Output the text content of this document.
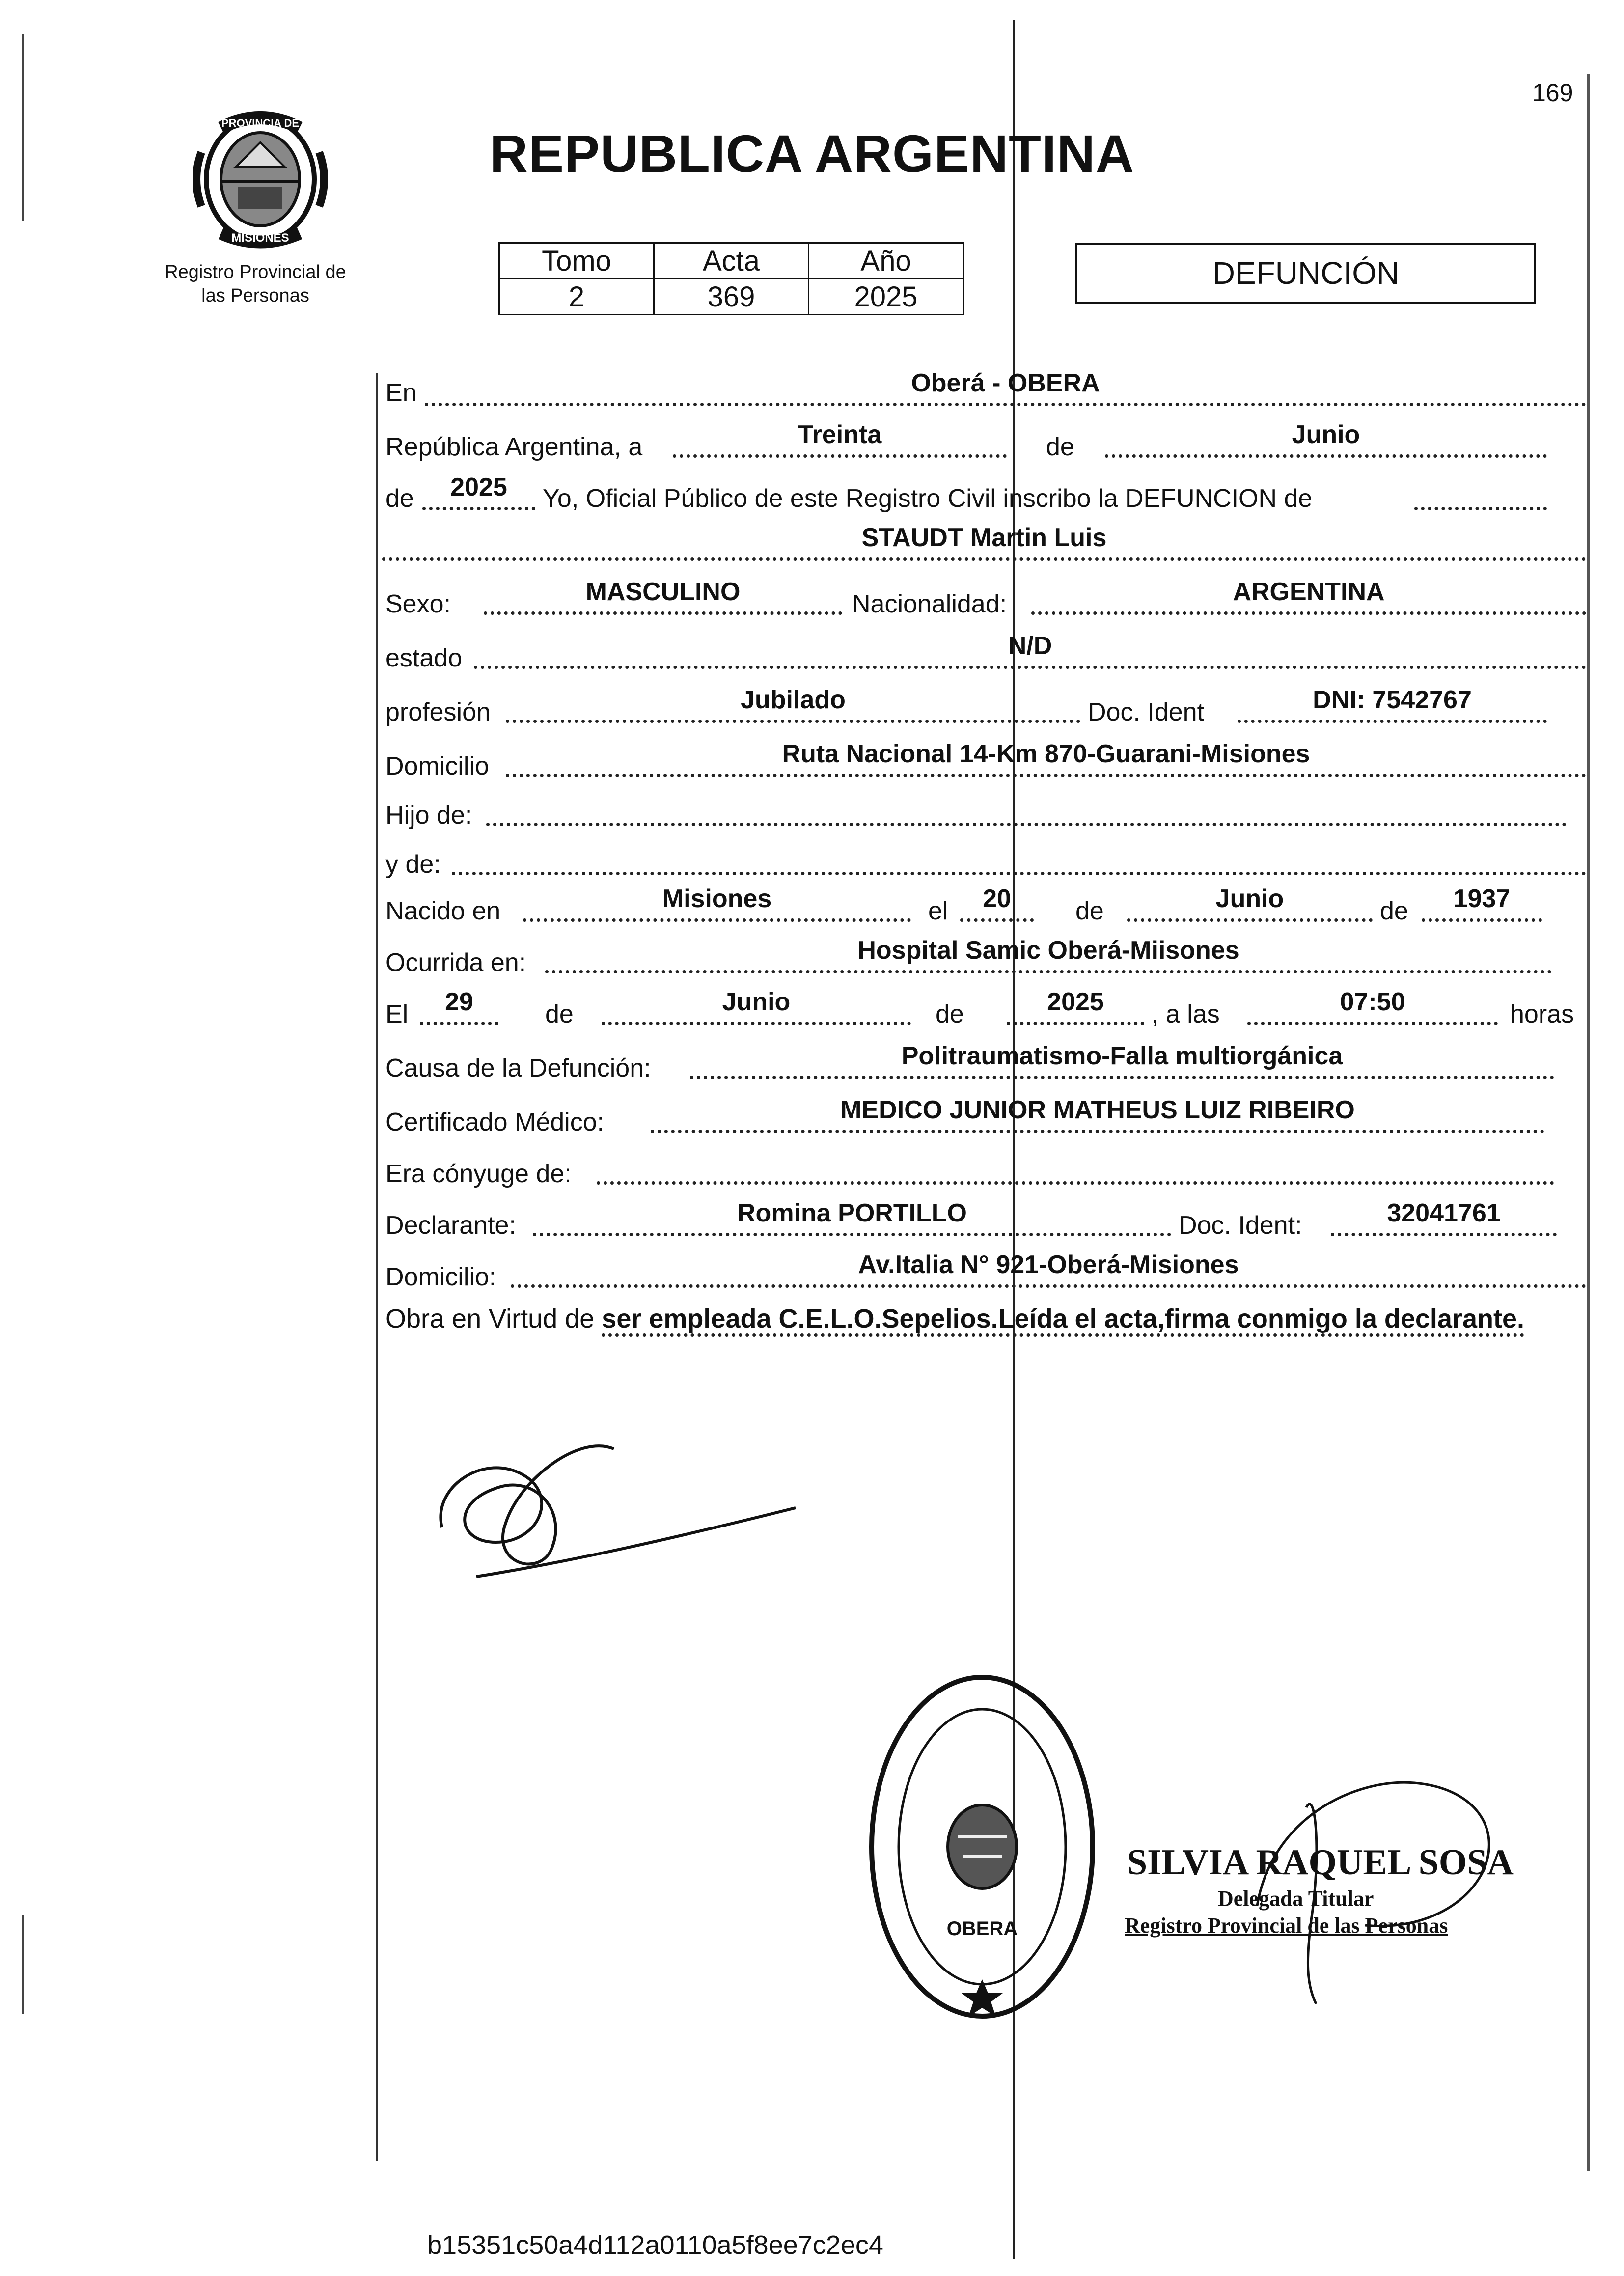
169
PROVINCIA DE
MISIONES
Registro Provincial de
las Personas
REPUBLICA ARGENTINA
Tomo	Acta	Año
2	369	2025
DEFUNCIÓN
En	Oberá - OBERA
República Argentina, a	Treinta	de	Junio
de	2025	Yo, Oficial Público de este Registro Civil inscribo la DEFUNCION de
STAUDT Martin Luis
Sexo:	MASCULINO	Nacionalidad:	ARGENTINA
estado	N/D
profesión	Jubilado	Doc. Ident	DNI: 7542767
Domicilio	Ruta Nacional 14-Km 870-Guarani-Misiones
Hijo de:
y de:
Nacido en	Misiones	el	20	de	Junio	de	1937
Ocurrida en:	Hospital Samic Oberá-Miisones
El	29	de	Junio	de	2025	, a las	07:50	horas
Causa de la Defunción:	Politraumatismo-Falla multiorgánica
Certificado Médico:	MEDICO JUNIOR MATHEUS LUIZ RIBEIRO
Era cónyuge de:
Declarante:	Romina PORTILLO	Doc. Ident:	32041761
Domicilio:	Av.Italia N° 921-Oberá-Misiones
Obra en Virtud de ser empleada C.E.L.O.Sepelios.Leída el acta,firma conmigo la declarante.
OBERA
SILVIA RAQUEL SOSA
Delegada Titular
Registro Provincial de las Personas
b15351c50a4d112a0110a5f8ee7c2ec4
